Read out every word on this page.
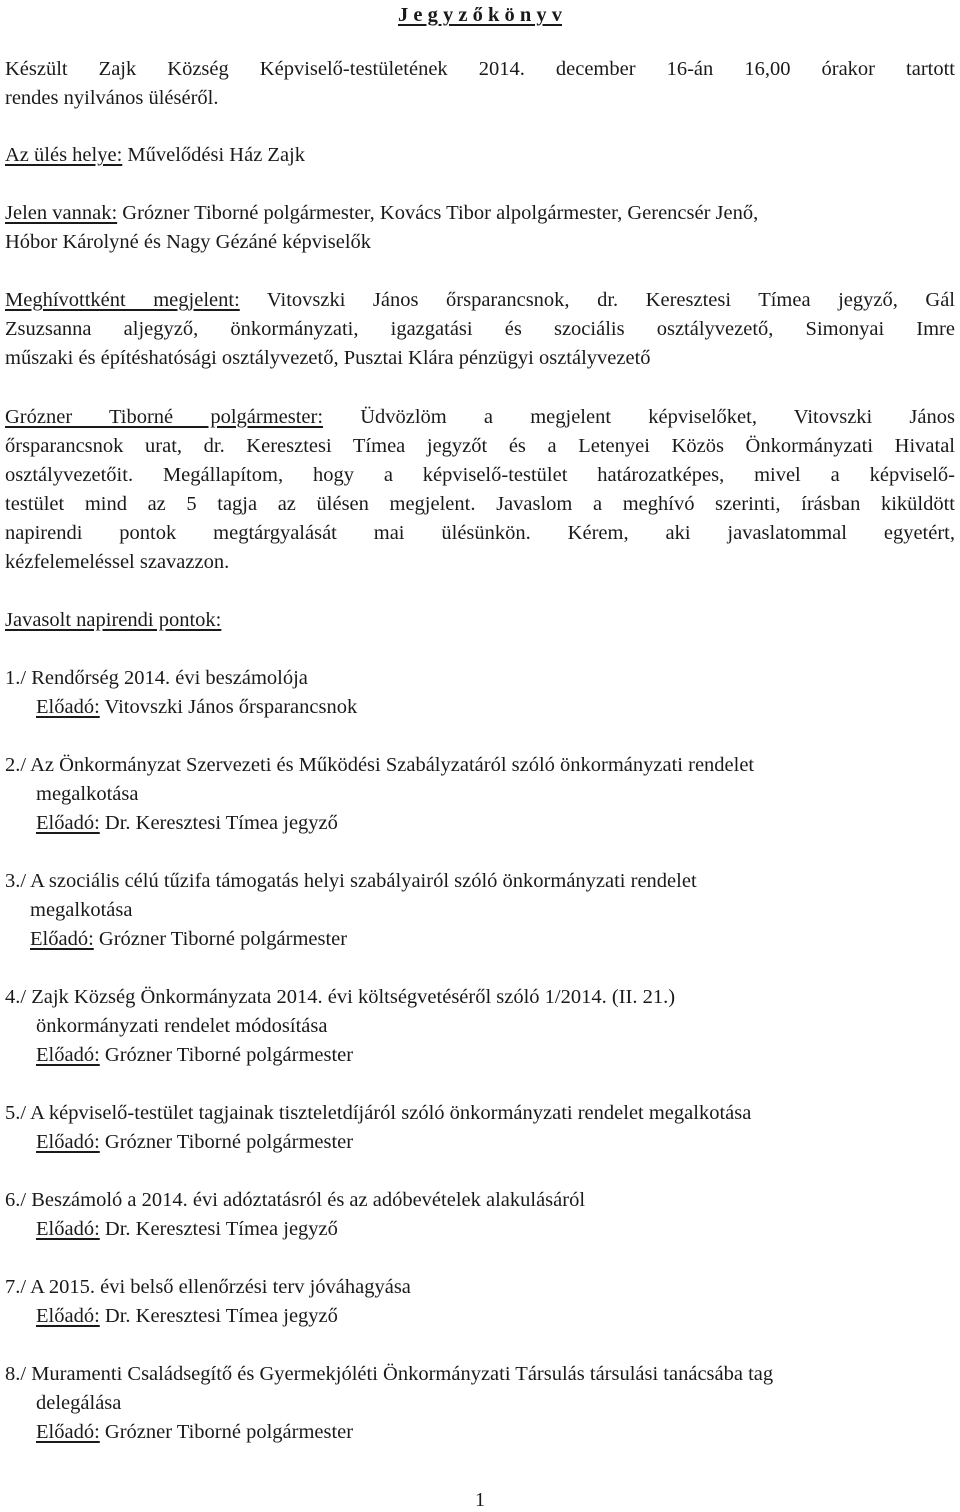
J e g y z ő k ö n y v
Készült Zajk Község Képviselő-testületének 2014. december 16-án 16,00 órakor tartott
rendes nyilvános üléséről.
Az ülés helye: Művelődési Ház Zajk
Jelen vannak: Grózner Tiborné polgármester, Kovács Tibor alpolgármester, Gerencsér Jenő,
Hóbor Károlyné és Nagy Gézáné képviselők
Meghívottként megjelent: Vitovszki János őrsparancsnok, dr. Keresztesi Tímea jegyző, Gál
Zsuzsanna aljegyző, önkormányzati, igazgatási és szociális osztályvezető, Simonyai Imre
műszaki és építéshatósági osztályvezető, Pusztai Klára pénzügyi osztályvezető
Grózner Tiborné polgármester: Üdvözlöm a megjelent képviselőket, Vitovszki János
őrsparancsnok urat, dr. Keresztesi Tímea jegyzőt és a Letenyei Közös Önkormányzati Hivatal
osztályvezetőit. Megállapítom, hogy a képviselő-testület határozatképes, mivel a képviselő-
testület mind az 5 tagja az ülésen megjelent. Javaslom a meghívó szerinti, írásban kiküldött
napirendi pontok megtárgyalását mai ülésünkön. Kérem, aki javaslatommal egyetért,
kézfelemeléssel szavazzon.
Javasolt napirendi pontok:
1./ Rendőrség 2014. évi beszámolója
Előadó: Vitovszki János őrsparancsnok
2./ Az Önkormányzat Szervezeti és Működési Szabályzatáról szóló önkormányzati rendelet
megalkotása
Előadó: Dr. Keresztesi Tímea jegyző
3./ A szociális célú tűzifa támogatás helyi szabályairól szóló önkormányzati rendelet
megalkotása
Előadó: Grózner Tiborné polgármester
4./ Zajk Község Önkormányzata 2014. évi költségvetéséről szóló 1/2014. (II. 21.)
önkormányzati rendelet módosítása
Előadó: Grózner Tiborné polgármester
5./ A képviselő-testület tagjainak tiszteletdíjáról szóló önkormányzati rendelet megalkotása
Előadó: Grózner Tiborné polgármester
6./ Beszámoló a 2014. évi adóztatásról és az adóbevételek alakulásáról
Előadó: Dr. Keresztesi Tímea jegyző
7./ A 2015. évi belső ellenőrzési terv jóváhagyása
Előadó: Dr. Keresztesi Tímea jegyző
8./ Muramenti Családsegítő és Gyermekjóléti Önkormányzati Társulás társulási tanácsába tag
delegálása
Előadó: Grózner Tiborné polgármester
1
